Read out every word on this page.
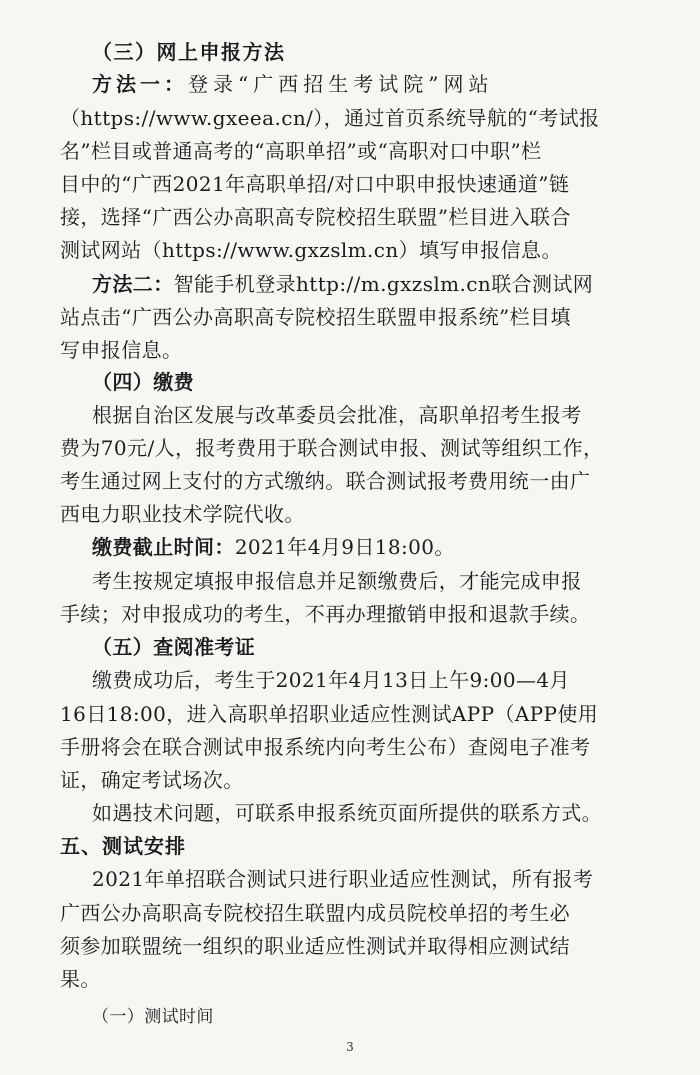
（三）网上申报方法
方法一：登录“广西招生考试院”网站
（https://www.gxeea.cn/），通过首页系统导航的“考试报
名”栏目或普通高考的“高职单招”或“高职对口中职”栏
目中的“广西2021年高职单招/对口中职申报快速通道”链
接，选择“广西公办高职高专院校招生联盟”栏目进入联合
测试网站（https://www.gxzslm.cn）填写申报信息。
方法二：智能手机登录http://m.gxzslm.cn联合测试网
站点击“广西公办高职高专院校招生联盟申报系统”栏目填
写申报信息。
（四）缴费
根据自治区发展与改革委员会批准，高职单招考生报考
费为70元/人，报考费用于联合测试申报、测试等组织工作，
考生通过网上支付的方式缴纳。联合测试报考费用统一由广
西电力职业技术学院代收。
缴费截止时间：2021年4月9日18:00。
考生按规定填报申报信息并足额缴费后，才能完成申报
手续；对申报成功的考生，不再办理撤销申报和退款手续。
（五）查阅准考证
缴费成功后，考生于2021年4月13日上午9:00—4月
16日18:00，进入高职单招职业适应性测试APP（APP使用
手册将会在联合测试申报系统内向考生公布）查阅电子准考
证，确定考试场次。
如遇技术问题，可联系申报系统页面所提供的联系方式。
五、测试安排
2021年单招联合测试只进行职业适应性测试，所有报考
广西公办高职高专院校招生联盟内成员院校单招的考生必
须参加联盟统一组织的职业适应性测试并取得相应测试结
果。
（一）测试时间
3
